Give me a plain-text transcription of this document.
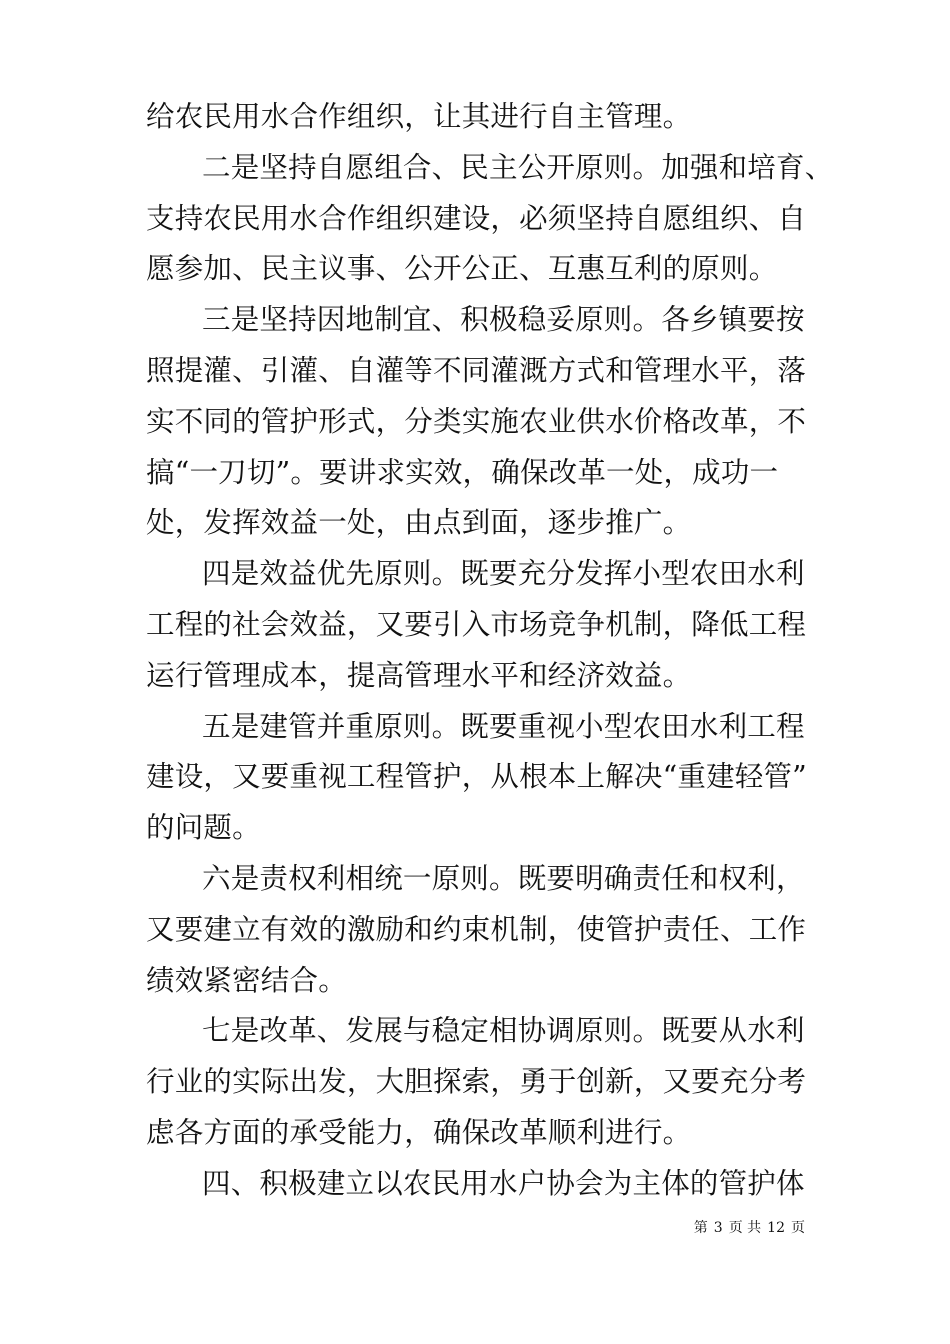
给农民用水合作组织，让其进行自主管理。
二是坚持自愿组合、民主公开原则。加强和培育、
支持农民用水合作组织建设，必须坚持自愿组织、自
愿参加、民主议事、公开公正、互惠互利的原则。
三是坚持因地制宜、积极稳妥原则。各乡镇要按
照提灌、引灌、自灌等不同灌溉方式和管理水平，落
实不同的管护形式，分类实施农业供水价格改革，不
搞“一刀切”。要讲求实效，确保改革一处，成功一
处，发挥效益一处，由点到面，逐步推广。
四是效益优先原则。既要充分发挥小型农田水利
工程的社会效益，又要引入市场竞争机制，降低工程
运行管理成本，提高管理水平和经济效益。
五是建管并重原则。既要重视小型农田水利工程
建设，又要重视工程管护，从根本上解决“重建轻管”
的问题。
六是责权利相统一原则。既要明确责任和权利，
又要建立有效的激励和约束机制，使管护责任、工作
绩效紧密结合。
七是改革、发展与稳定相协调原则。既要从水利
行业的实际出发，大胆探索，勇于创新，又要充分考
虑各方面的承受能力，确保改革顺利进行。
四、积极建立以农民用水户协会为主体的管护体
第 3 页 共 12 页
